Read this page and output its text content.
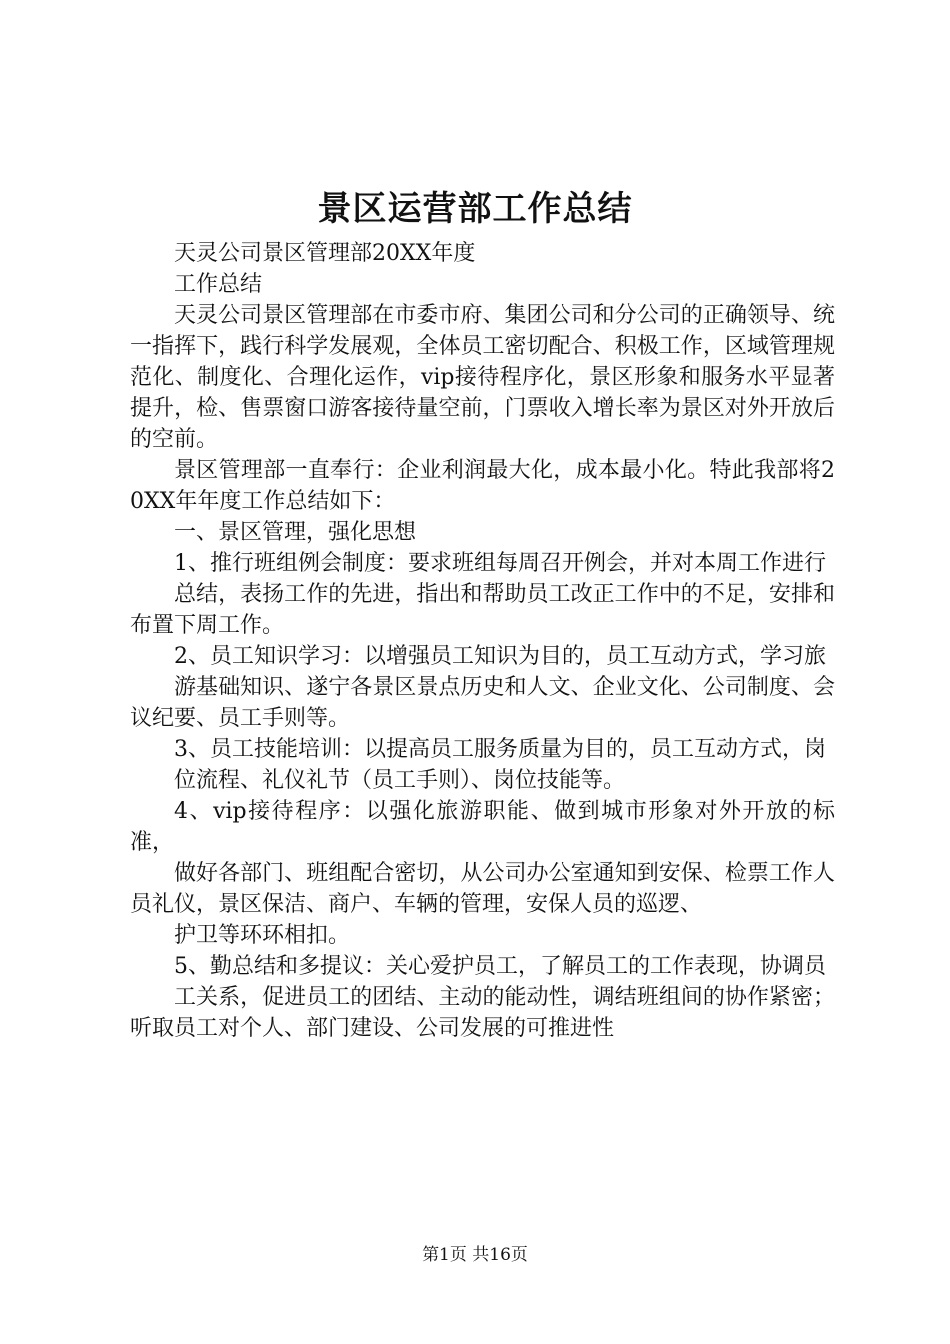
景区运营部工作总结

天灵公司景区管理部20XX年度

工作总结

天灵公司景区管理部在市委市府、集团公司和分公司的正确领导、统一指挥下，践行科学发展观，全体员工密切配合、积极工作，区域管理规范化、制度化、合理化运作，vip接待程序化，景区形象和服务水平显著提升，检、售票窗口游客接待量空前，门票收入增长率为景区对外开放后的空前。

景区管理部一直奉行：企业利润最大化，成本最小化。特此我部将20XX年年度工作总结如下：

一、景区管理，强化思想

1、推行班组例会制度：要求班组每周召开例会，并对本周工作进行

总结，表扬工作的先进，指出和帮助员工改正工作中的不足，安排和布置下周工作。

2、员工知识学习：以增强员工知识为目的，员工互动方式，学习旅

游基础知识、遂宁各景区景点历史和人文、企业文化、公司制度、会议纪要、员工手则等。

3、员工技能培训：以提高员工服务质量为目的，员工互动方式，岗

位流程、礼仪礼节（员工手则）、岗位技能等。

4、vip接待程序：以强化旅游职能、做到城市形象对外开放的标准，

做好各部门、班组配合密切，从公司办公室通知到安保、检票工作人员礼仪，景区保洁、商户、车辆的管理，安保人员的巡逻、

护卫等环环相扣。

5、勤总结和多提议：关心爱护员工，了解员工的工作表现，协调员

工关系，促进员工的团结、主动的能动性，调结班组间的协作紧密；听取员工对个人、部门建设、公司发展的可推进性

第1页 共16页
